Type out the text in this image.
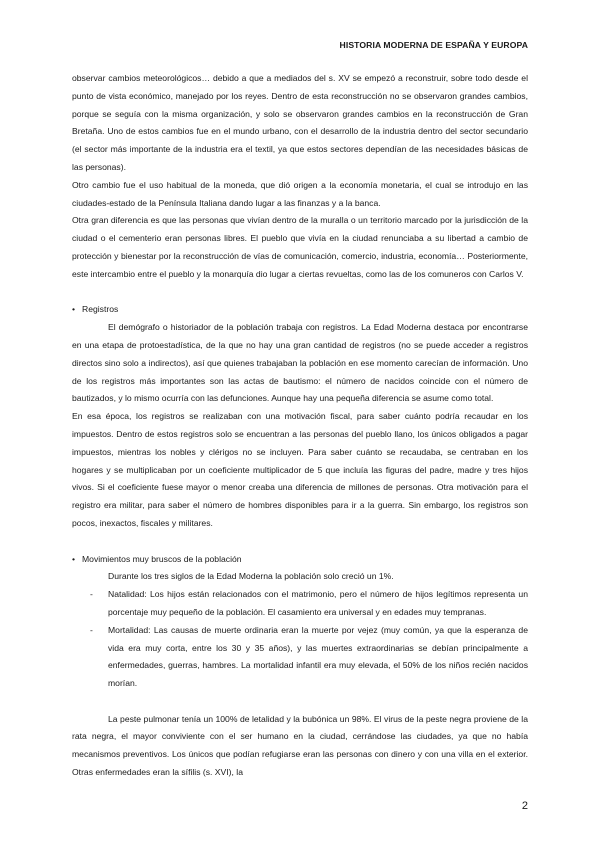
HISTORIA MODERNA DE ESPAÑA Y EUROPA

observar cambios meteorológicos… debido a que a mediados del s. XV se empezó a reconstruir, sobre todo desde el punto de vista económico, manejado por los reyes. Dentro de esta reconstrucción no se observaron grandes cambios, porque se seguía con la misma organización, y solo se observaron grandes cambios en la reconstrucción de Gran Bretaña. Uno de estos cambios fue en el mundo urbano, con el desarrollo de la industria dentro del sector secundario (el sector más importante de la industria era el textil, ya que estos sectores dependían de las necesidades básicas de las personas).

Otro cambio fue el uso habitual de la moneda, que dió origen a la economía monetaria, el cual se introdujo en las ciudades-estado de la Península Italiana dando lugar a las finanzas y a la banca.

Otra gran diferencia es que las personas que vivían dentro de la muralla o un territorio marcado por la jurisdicción de la ciudad o el cementerio eran personas libres. El pueblo que vivía en la ciudad renunciaba a su libertad a cambio de protección y bienestar por la reconstrucción de vías de comunicación, comercio, industria, economía… Posteriormente, este intercambio entre el pueblo y la monarquía dio lugar a ciertas revueltas, como las de los comuneros con Carlos V.

• Registros

El demógrafo o historiador de la población trabaja con registros. La Edad Moderna destaca por encontrarse en una etapa de protoestadística, de la que no hay una gran cantidad de registros (no se puede acceder a registros directos sino solo a indirectos), así que quienes trabajaban la población en ese momento carecían de información. Uno de los registros más importantes son las actas de bautismo: el número de nacidos coincide con el número de bautizados, y lo mismo ocurría con las defunciones. Aunque hay una pequeña diferencia se asume como total.

En esa época, los registros se realizaban con una motivación fiscal, para saber cuánto podría recaudar en los impuestos. Dentro de estos registros solo se encuentran a las personas del pueblo llano, los únicos obligados a pagar impuestos, mientras los nobles y clérigos no se incluyen. Para saber cuánto se recaudaba, se centraban en los hogares y se multiplicaban por un coeficiente multiplicador de 5 que incluía las figuras del padre, madre y tres hijos vivos. Si el coeficiente fuese mayor o menor creaba una diferencia de millones de personas. Otra motivación para el registro era militar, para saber el número de hombres disponibles para ir a la guerra. Sin embargo, los registros son pocos, inexactos, fiscales y militares.

• Movimientos muy bruscos de la población

Durante los tres siglos de la Edad Moderna la población solo creció un 1%.

- Natalidad: Los hijos están relacionados con el matrimonio, pero el número de hijos legítimos representa un porcentaje muy pequeño de la población. El casamiento era universal y en edades muy tempranas.
- Mortalidad: Las causas de muerte ordinaria eran la muerte por vejez (muy común, ya que la esperanza de vida era muy corta, entre los 30 y 35 años), y las muertes extraordinarias se debían principalmente a enfermedades, guerras, hambres. La mortalidad infantil era muy elevada, el 50% de los niños recién nacidos morían.

La peste pulmonar tenía un 100% de letalidad y la bubónica un 98%. El virus de la peste negra proviene de la rata negra, el mayor conviviente con el ser humano en la ciudad, cerrándose las ciudades, ya que no había mecanismos preventivos. Los únicos que podían refugiarse eran las personas con dinero y con una villa en el exterior. Otras enfermedades eran la sífilis (s. XVI), la

2
